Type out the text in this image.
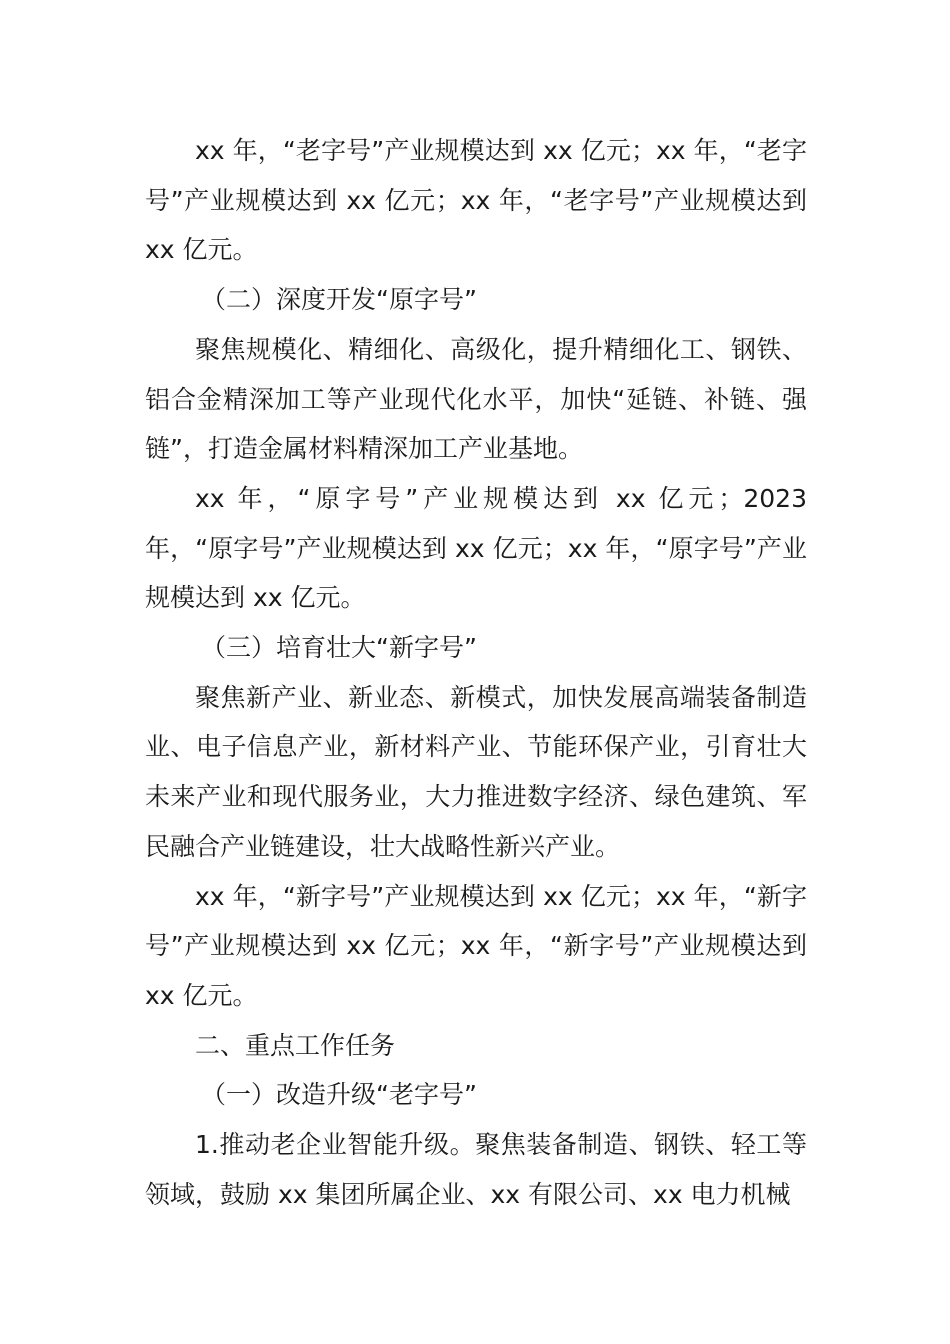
xx 年，“老字号”产业规模达到 xx 亿元；xx 年，“老字号”产业规模达到 xx 亿元；xx 年，“老字号”产业规模达到 xx 亿元。

（二）深度开发“原字号”

聚焦规模化、精细化、高级化，提升精细化工、钢铁、铝合金精深加工等产业现代化水平，加快“延链、补链、强链”，打造金属材料精深加工产业基地。

xx 年，“原字号”产业规模达到 xx 亿元；2023 年，“原字号”产业规模达到 xx 亿元；xx 年，“原字号”产业规模达到 xx 亿元。

（三）培育壮大“新字号”

聚焦新产业、新业态、新模式，加快发展高端装备制造业、电子信息产业，新材料产业、节能环保产业，引育壮大未来产业和现代服务业，大力推进数字经济、绿色建筑、军民融合产业链建设，壮大战略性新兴产业。

xx 年，“新字号”产业规模达到 xx 亿元；xx 年，“新字号”产业规模达到 xx 亿元；xx 年，“新字号”产业规模达到 xx 亿元。

二、重点工作任务

（一）改造升级“老字号”

1.推动老企业智能升级。聚焦装备制造、钢铁、轻工等领域，鼓励 xx 集团所属企业、xx 有限公司、xx 电力机械
